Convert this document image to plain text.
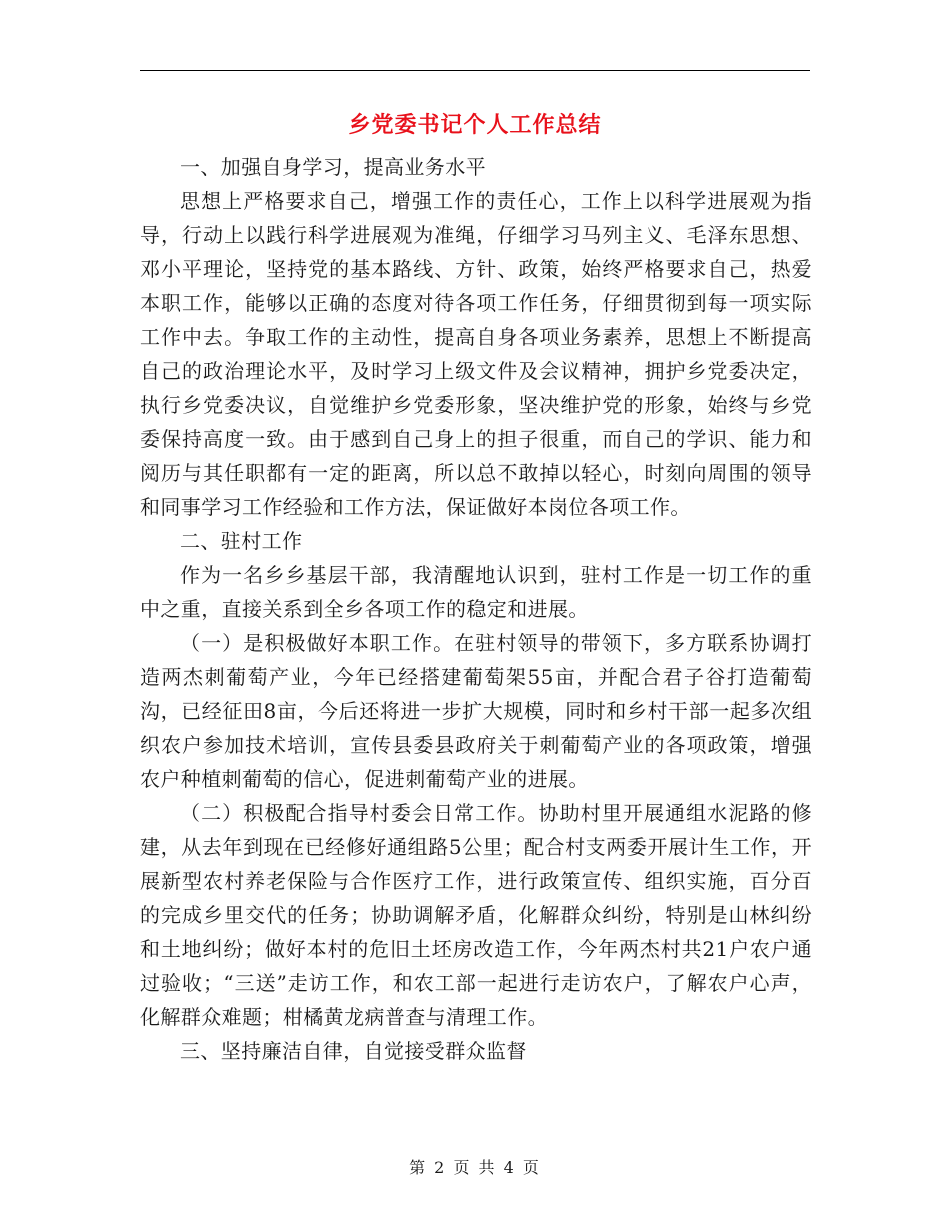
乡党委书记个人工作总结

一、加强自身学习，提高业务水平

思想上严格要求自己，增强工作的责任心，工作上以科学进展观为指导，行动上以践行科学进展观为准绳，仔细学习马列主义、毛泽东思想、邓小平理论，坚持党的基本路线、方针、政策，始终严格要求自己，热爱本职工作，能够以正确的态度对待各项工作任务，仔细贯彻到每一项实际工作中去。争取工作的主动性，提高自身各项业务素养，思想上不断提高自己的政治理论水平，及时学习上级文件及会议精神，拥护乡党委决定，执行乡党委决议，自觉维护乡党委形象，坚决维护党的形象，始终与乡党委保持高度一致。由于感到自己身上的担子很重，而自己的学识、能力和阅历与其任职都有一定的距离，所以总不敢掉以轻心，时刻向周围的领导和同事学习工作经验和工作方法，保证做好本岗位各项工作。

二、驻村工作

作为一名乡乡基层干部，我清醒地认识到，驻村工作是一切工作的重中之重，直接关系到全乡各项工作的稳定和进展。

（一）是积极做好本职工作。在驻村领导的带领下，多方联系协调打造两杰刺葡萄产业，今年已经搭建葡萄架55亩，并配合君子谷打造葡萄沟，已经征田8亩，今后还将进一步扩大规模，同时和乡村干部一起多次组织农户参加技术培训，宣传县委县政府关于刺葡萄产业的各项政策，增强农户种植刺葡萄的信心，促进刺葡萄产业的进展。

（二）积极配合指导村委会日常工作。协助村里开展通组水泥路的修建，从去年到现在已经修好通组路5公里；配合村支两委开展计生工作，开展新型农村养老保险与合作医疗工作，进行政策宣传、组织实施，百分百的完成乡里交代的任务；协助调解矛盾，化解群众纠纷，特别是山林纠纷和土地纠纷；做好本村的危旧土坯房改造工作，今年两杰村共21户农户通过验收；“三送”走访工作，和农工部一起进行走访农户，了解农户心声，化解群众难题；柑橘黄龙病普查与清理工作。

三、坚持廉洁自律，自觉接受群众监督

第 2 页 共 4 页
